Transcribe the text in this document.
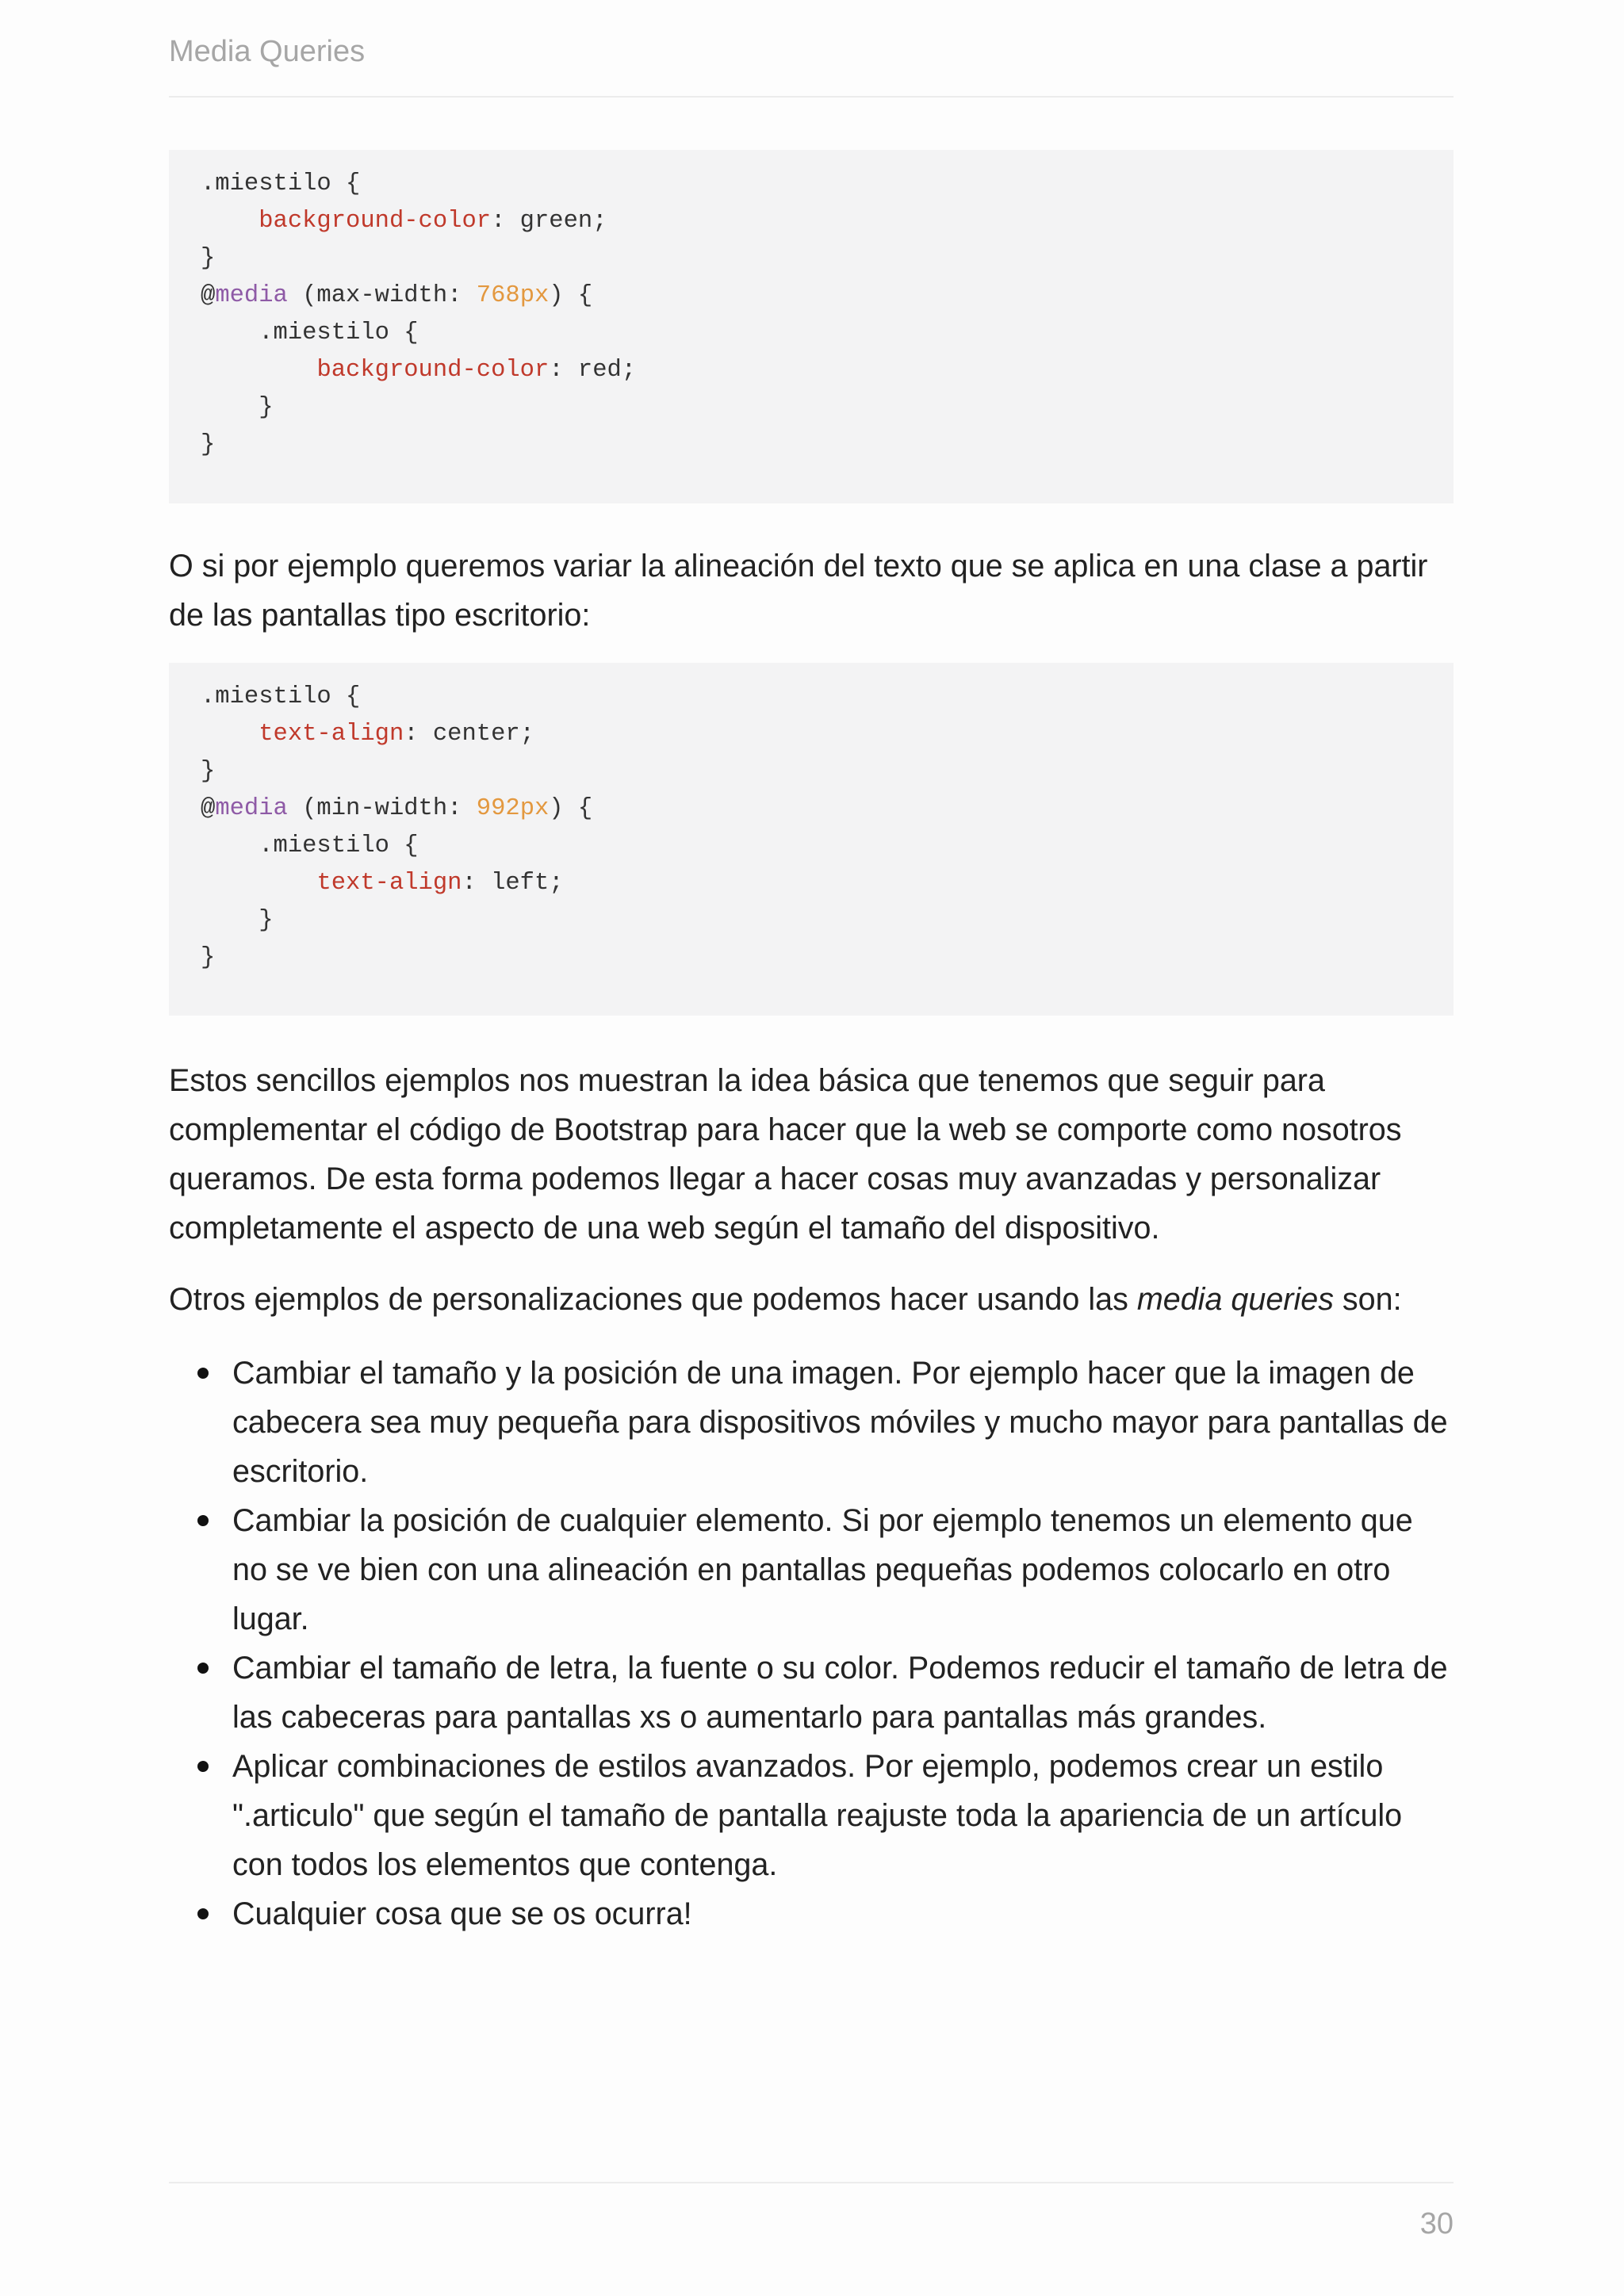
Media Queries
.miestilo {
background-color: green;
}
@media (max-width: 768px) {
.miestilo {
background-color: red;
}
}
O si por ejemplo queremos variar la alineación del texto que se aplica en una clase a partir de las pantallas tipo escritorio:
.miestilo {
text-align: center;
}
@media (min-width: 992px) {
.miestilo {
text-align: left;
}
}
Estos sencillos ejemplos nos muestran la idea básica que tenemos que seguir para complementar el código de Bootstrap para hacer que la web se comporte como nosotros queramos. De esta forma podemos llegar a hacer cosas muy avanzadas y personalizar completamente el aspecto de una web según el tamaño del dispositivo.
Otros ejemplos de personalizaciones que podemos hacer usando las media queries son:
Cambiar el tamaño y la posición de una imagen. Por ejemplo hacer que la imagen de cabecera sea muy pequeña para dispositivos móviles y mucho mayor para pantallas de escritorio.
Cambiar la posición de cualquier elemento. Si por ejemplo tenemos un elemento que no se ve bien con una alineación en pantallas pequeñas podemos colocarlo en otro lugar.
Cambiar el tamaño de letra, la fuente o su color. Podemos reducir el tamaño de letra de las cabeceras para pantallas xs o aumentarlo para pantallas más grandes.
Aplicar combinaciones de estilos avanzados. Por ejemplo, podemos crear un estilo ".articulo" que según el tamaño de pantalla reajuste toda la apariencia de un artículo con todos los elementos que contenga.
Cualquier cosa que se os ocurra!
30
